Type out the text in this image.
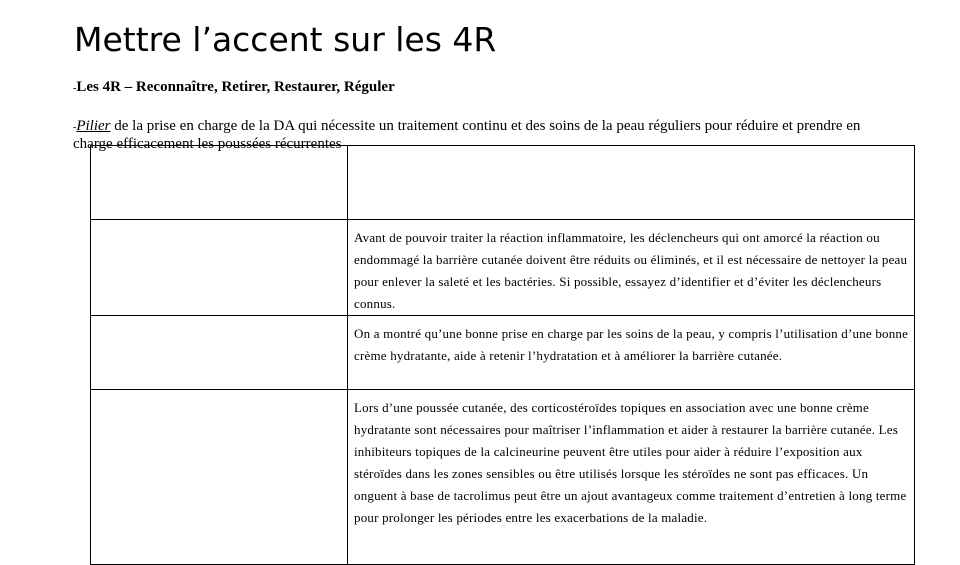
Mettre l’accent sur les 4R
-Les 4R – Reconnaître, Retirer, Restaurer, Réguler
-Pilier de la prise en charge de la DA qui nécessite un traitement continu et des soins de la peau réguliers pour réduire et prendre en charge efficacement les poussées récurrentes

	Avant de pouvoir traiter la réaction inflammatoire, les déclencheurs qui ont amorcé la réaction ou endommagé la barrière cutanée doivent être réduits ou éliminés, et il est nécessaire de nettoyer la peau pour enlever la saleté et les bactéries. Si possible, essayez d’identifier et d’éviter les déclencheurs connus.
	On a montré qu’une bonne prise en charge par les soins de la peau, y compris l’utilisation d’une bonne crème hydratante, aide à retenir l’hydratation et à améliorer la barrière cutanée.
	Lors d’une poussée cutanée, des corticostéroïdes topiques en association avec une bonne crème hydratante sont nécessaires pour maîtriser l’inflammation et aider à restaurer la barrière cutanée. Les inhibiteurs topiques de la calcineurine peuvent être utiles pour aider à réduire l’exposition aux stéroïdes dans les zones sensibles ou être utilisés lorsque les stéroïdes ne sont pas efficaces. Un onguent à base de tacrolimus peut être un ajout avantageux comme traitement d’entretien à long terme pour prolonger les périodes entre les exacerbations de la maladie.
